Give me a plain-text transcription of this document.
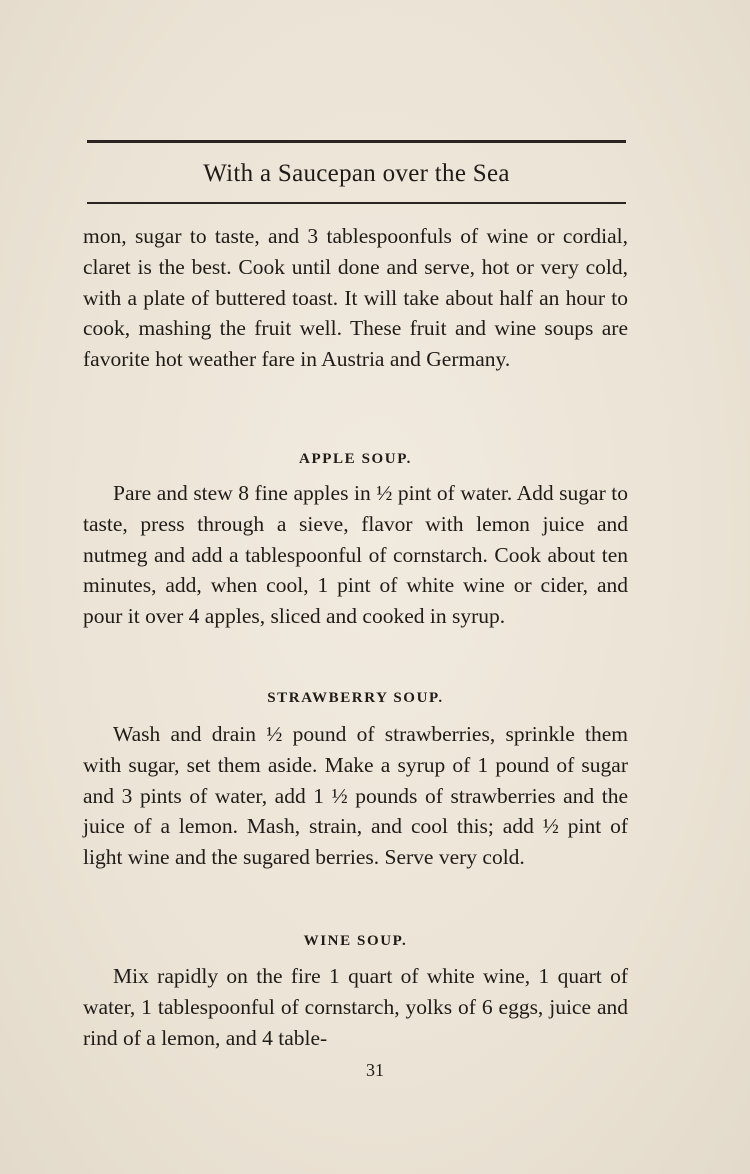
With a Saucepan over the Sea

mon, sugar to taste, and 3 tablespoonfuls of wine or cordial, claret is the best. Cook until done and serve, hot or very cold, with a plate of buttered toast. It will take about half an hour to cook, mashing the fruit well. These fruit and wine soups are favorite hot weather fare in Austria and Germany.

APPLE SOUP.

Pare and stew 8 fine apples in ½ pint of water. Add sugar to taste, press through a sieve, flavor with lemon juice and nutmeg and add a tablespoonful of cornstarch. Cook about ten minutes, add, when cool, 1 pint of white wine or cider, and pour it over 4 apples, sliced and cooked in syrup.

STRAWBERRY SOUP.

Wash and drain ½ pound of strawberries, sprinkle them with sugar, set them aside. Make a syrup of 1 pound of sugar and 3 pints of water, add 1 ½ pounds of strawberries and the juice of a lemon. Mash, strain, and cool this; add ½ pint of light wine and the sugared berries. Serve very cold.

WINE SOUP.

Mix rapidly on the fire 1 quart of white wine, 1 quart of water, 1 tablespoonful of cornstarch, yolks of 6 eggs, juice and rind of a lemon, and 4 table-

31
